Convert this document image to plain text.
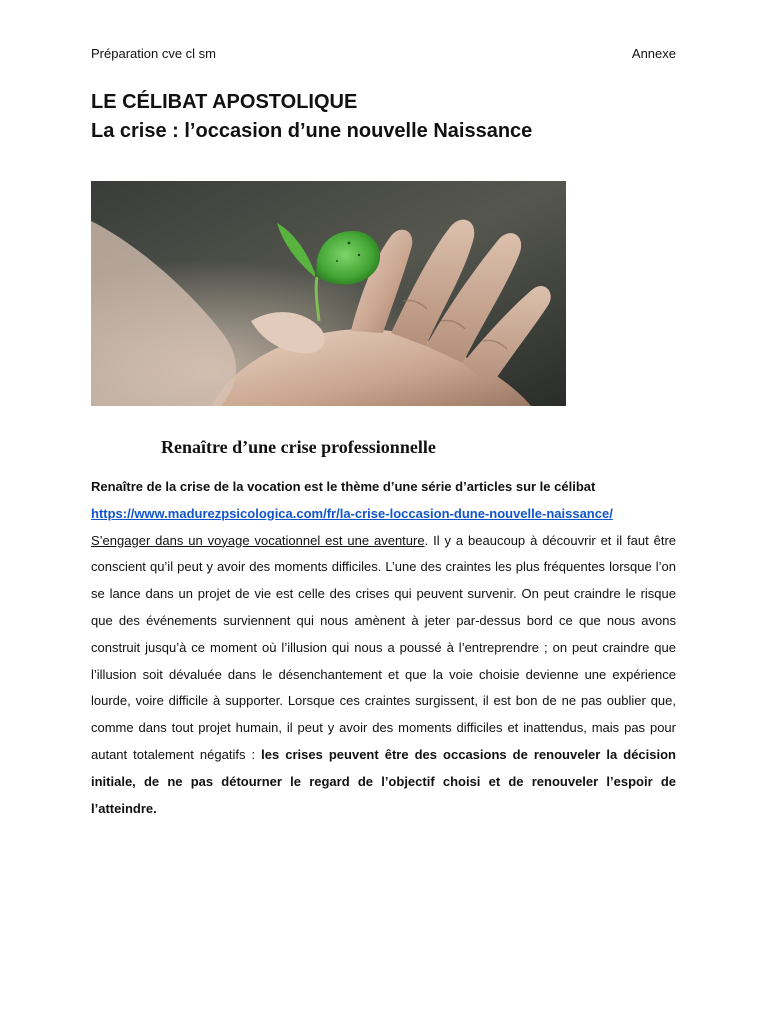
Préparation cve cl sm	Annexe
LE CÉLIBAT APOSTOLIQUE
La crise : l’occasion d’une nouvelle Naissance
Renaître d’une crise professionnelle

Renaître de la crise de la vocation est le thème d’une série d’articles sur le célibat
https://www.madurezpsicologica.com/fr/la-crise-loccasion-dune-nouvelle-naissance/
S’engager dans un voyage vocationnel est une aventure. Il y a beaucoup à découvrir et il faut être conscient qu’il peut y avoir des moments difficiles. L’une des craintes les plus fréquentes lorsque l’on se lance dans un projet de vie est celle des crises qui peuvent survenir. On peut craindre le risque que des événements surviennent qui nous amènent à jeter par-dessus bord ce que nous avons construit jusqu’à ce moment où l’illusion qui nous a poussé à l’entreprendre ; on peut craindre que l’illusion soit dévaluée dans le désenchantement et que la voie choisie devienne une expérience lourde, voire difficile à supporter. Lorsque ces craintes surgissent, il est bon de ne pas oublier que, comme dans tout projet humain, il peut y avoir des moments difficiles et inattendus, mais pas pour autant totalement négatifs : les crises peuvent être des occasions de renouveler la décision initiale, de ne pas détourner le regard de l’objectif choisi et de renouveler l’espoir de l’atteindre.
